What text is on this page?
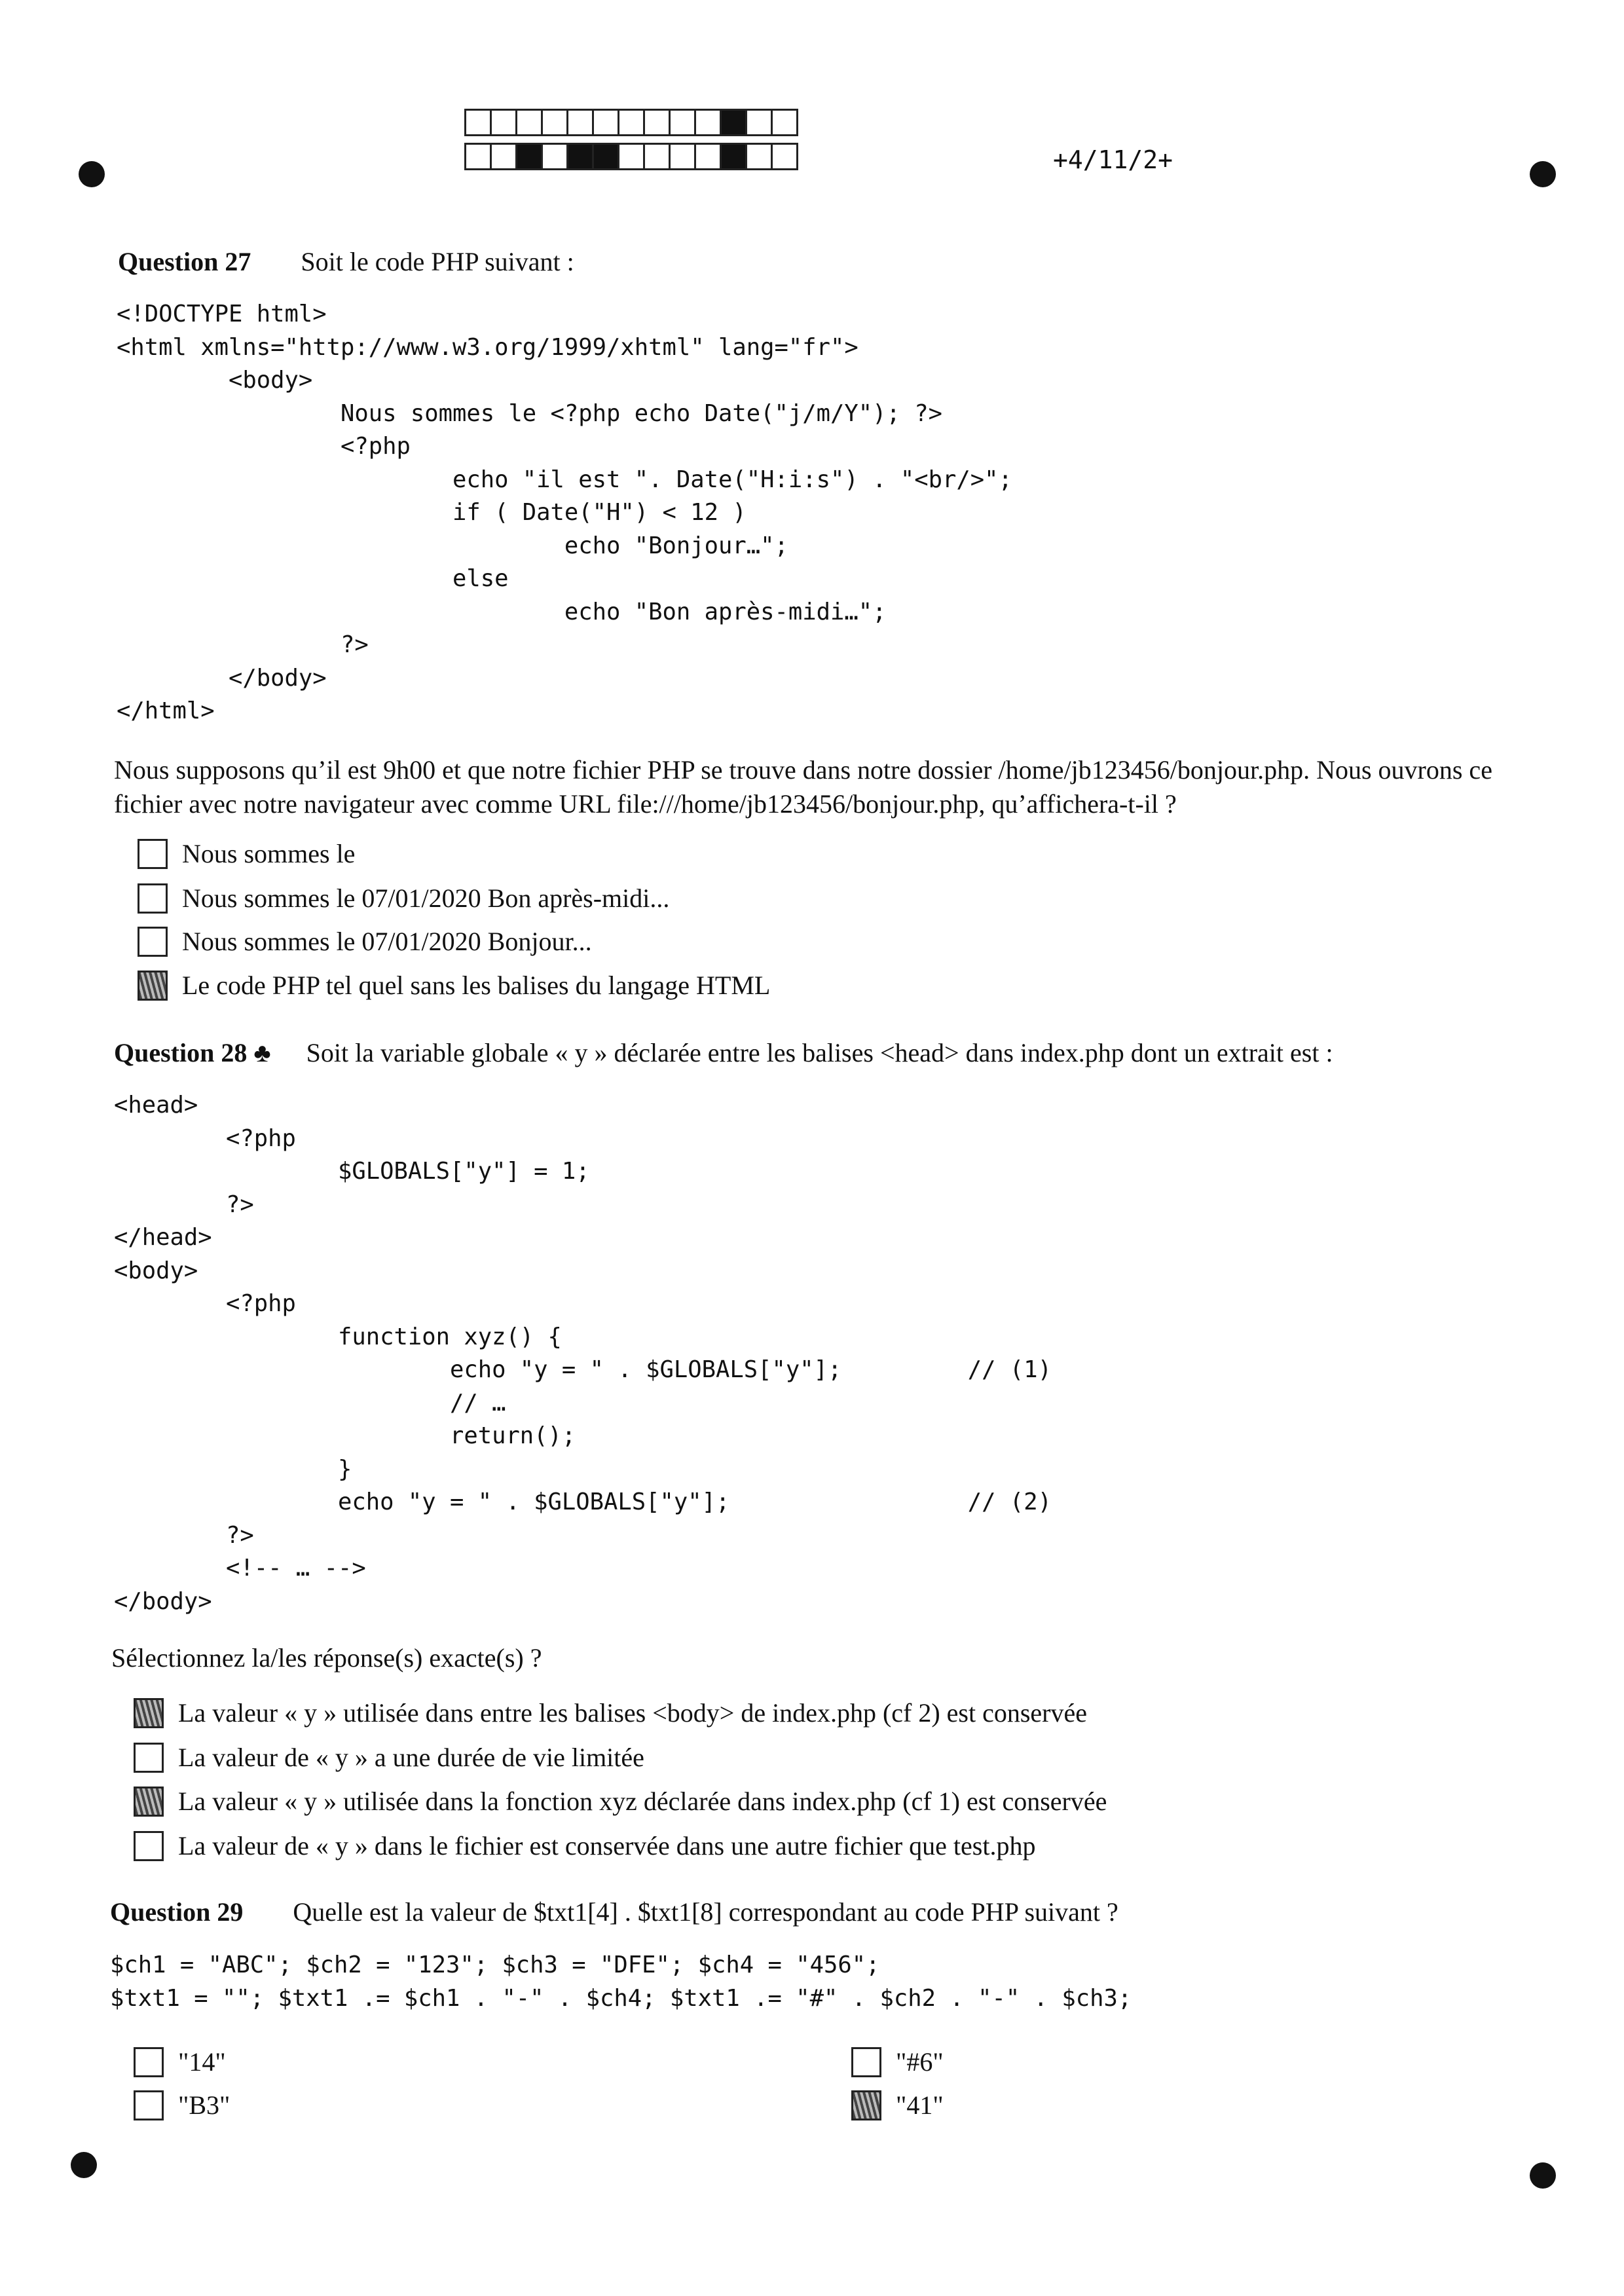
+4/11/2+
Question 27 Soit le code PHP suivant :
<!DOCTYPE html>
<html xmlns="http://www.w3.org/1999/xhtml" lang="fr">
<body>
Nous sommes le <?php echo Date("j/m/Y"); ?>
<?php
echo "il est ". Date("H:i:s") . "<br/>";
if ( Date("H") < 12 )
echo "Bonjour…";
else
echo "Bon après-midi…";
?>
</body>
</html>
Nous supposons qu’il est 9h00 et que notre fichier PHP se trouve dans notre dossier /home/jb123456/bonjour.php. Nous ouvrons ce fichier avec notre navigateur avec comme URL file:///home/jb123456/bonjour.php, qu’affichera-t-il ?
Nous sommes le
Nous sommes le 07/01/2020 Bon après-midi...
Nous sommes le 07/01/2020 Bonjour...
Le code PHP tel quel sans les balises du langage HTML
Question 28 ♣ Soit la variable globale « y » déclarée entre les balises <head> dans index.php dont un extrait est :
<head>
<?php
$GLOBALS["y"] = 1;
?>
</head>
<body>
<?php
function xyz() {
echo "y = " . $GLOBALS["y"];         // (1)
// …
return();
}
echo "y = " . $GLOBALS["y"];                 // (2)
?>
<!-- … -->
</body>
Sélectionnez la/les réponse(s) exacte(s) ?
La valeur « y » utilisée dans entre les balises <body> de index.php (cf 2) est conservée
La valeur de « y » a une durée de vie limitée
La valeur « y » utilisée dans la fonction xyz déclarée dans index.php (cf 1) est conservée
La valeur de « y » dans le fichier est conservée dans une autre fichier que test.php
Question 29 Quelle est la valeur de $txt1[4] . $txt1[8] correspondant au code PHP suivant ?
$ch1 = "ABC"; $ch2 = "123"; $ch3 = "DFE"; $ch4 = "456";
$txt1 = ""; $txt1 .= $ch1 . "-" . $ch4; $txt1 .= "#" . $ch2 . "-" . $ch3;
"14"
"B3"
"#6"
"41"
